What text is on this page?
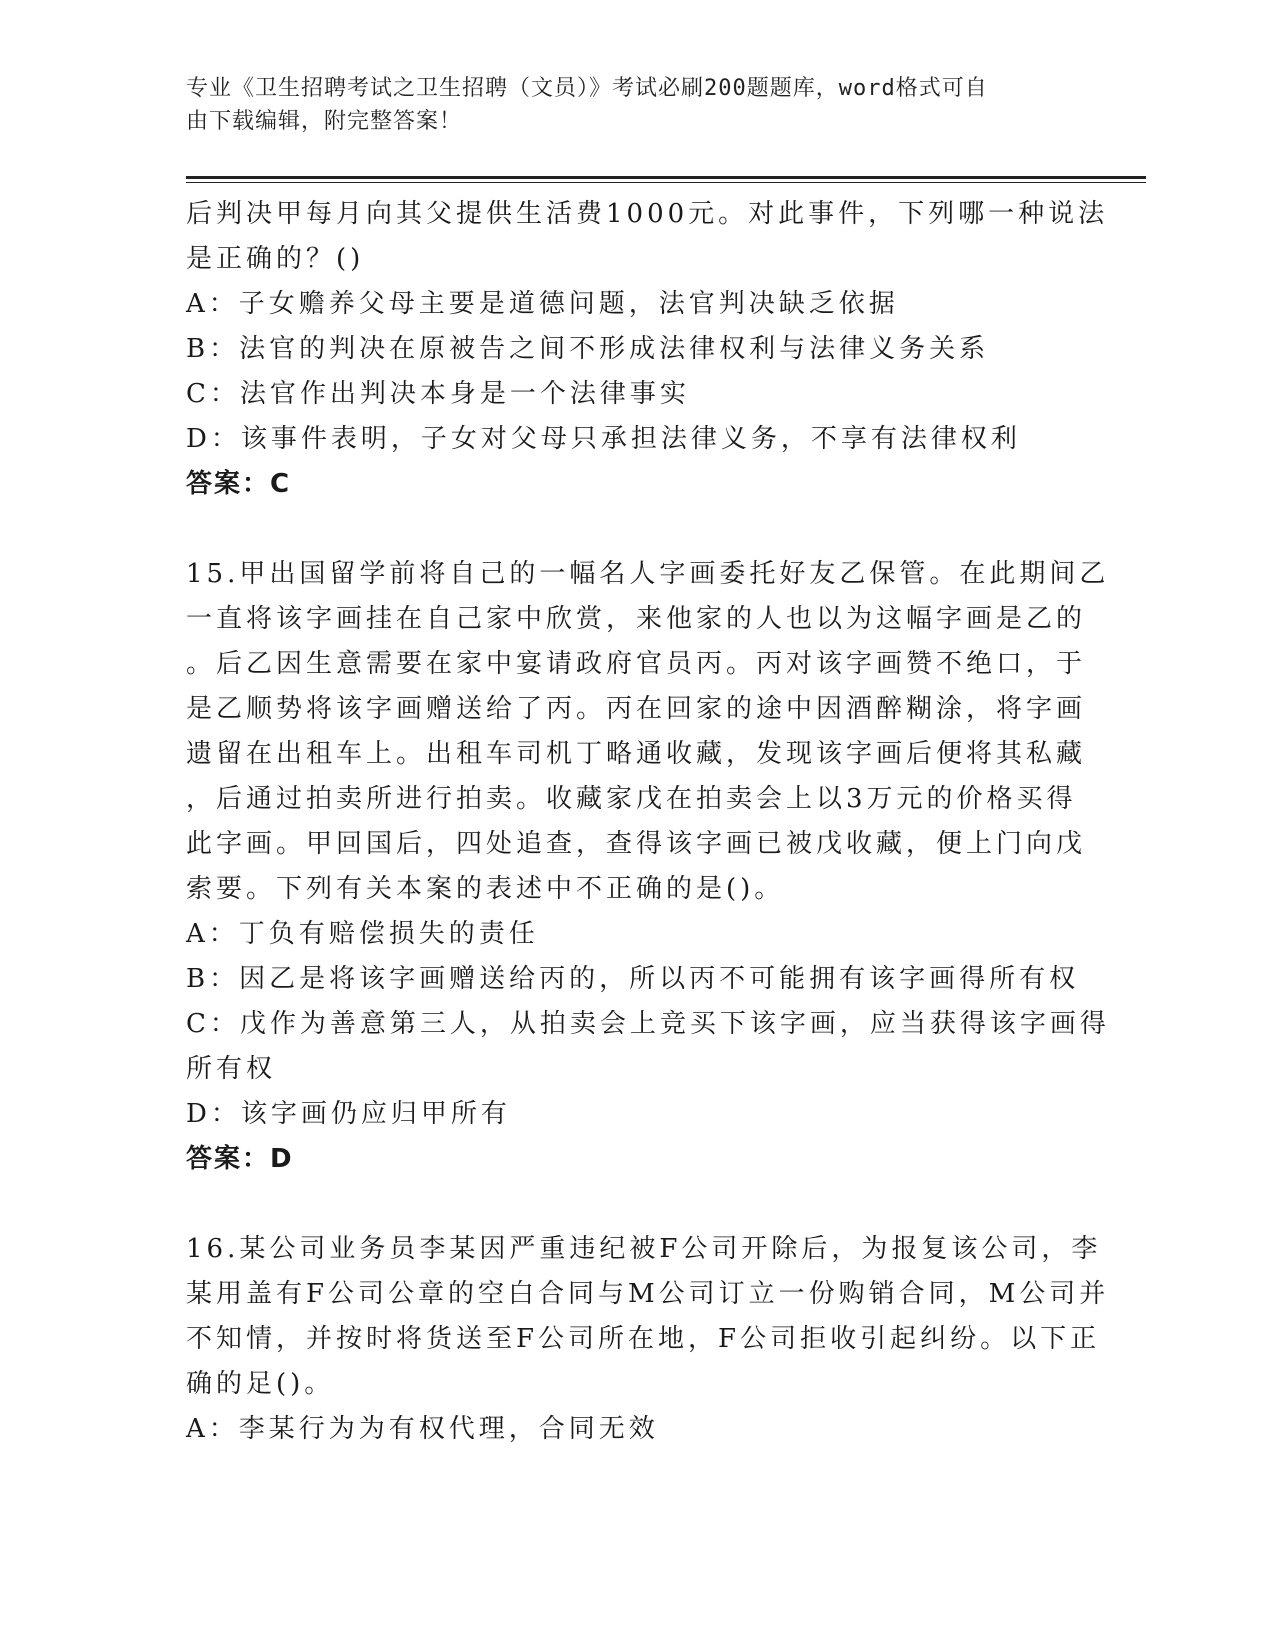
专业《卫生招聘考试之卫生招聘（文员）》考试必刷200题题库，word格式可自
由下载编辑，附完整答案！
后判决甲每月向其父提供生活费1000元。对此事件，下列哪一种说法
是正确的？()
A：子女赡养父母主要是道德问题，法官判决缺乏依据
B：法官的判决在原被告之间不形成法律权利与法律义务关系
C：法官作出判决本身是一个法律事实
D：该事件表明，子女对父母只承担法律义务，不享有法律权利
答案：C
15.甲出国留学前将自己的一幅名人字画委托好友乙保管。在此期间乙
一直将该字画挂在自己家中欣赏，来他家的人也以为这幅字画是乙的
。后乙因生意需要在家中宴请政府官员丙。丙对该字画赞不绝口，于
是乙顺势将该字画赠送给了丙。丙在回家的途中因酒醉糊涂，将字画
遗留在出租车上。出租车司机丁略通收藏，发现该字画后便将其私藏
，后通过拍卖所进行拍卖。收藏家戊在拍卖会上以3万元的价格买得
此字画。甲回国后，四处追查，查得该字画已被戊收藏，便上门向戊
索要。下列有关本案的表述中不正确的是()。
A：丁负有赔偿损失的责任
B：因乙是将该字画赠送给丙的，所以丙不可能拥有该字画得所有权
C：戊作为善意第三人，从拍卖会上竞买下该字画，应当获得该字画得
所有权
D：该字画仍应归甲所有
答案：D
16.某公司业务员李某因严重违纪被F公司开除后，为报复该公司，李
某用盖有F公司公章的空白合同与M公司订立一份购销合同，M公司并
不知情，并按时将货送至F公司所在地，F公司拒收引起纠纷。以下正
确的足()。
A：李某行为为有权代理，合同无效
